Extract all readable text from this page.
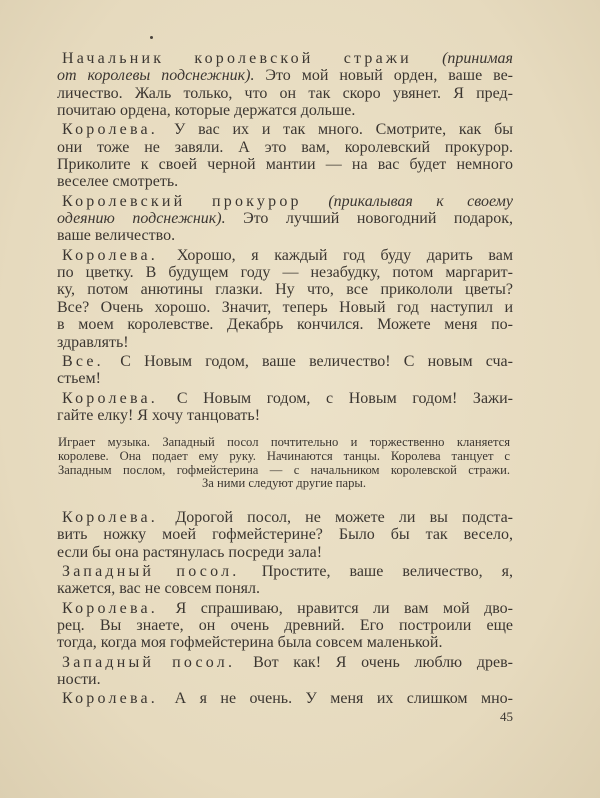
Начальник королевской стражи (принимая
от королевы подснежник). Это мой новый орден, ваше ве-
личество. Жаль только, что он так скоро увянет. Я пред-
почитаю ордена, которые держатся дольше.
Королева. У вас их и так много. Смотрите, как бы
они тоже не завяли. А это вам, королевский прокурор.
Приколите к своей черной мантии — на вас будет немного
веселее смотреть.
Королевский прокурор (прикалывая к своему
одеянию подснежник). Это лучший новогодний подарок,
ваше величество.
Королева. Хорошо, я каждый год буду дарить вам
по цветку. В будущем году — незабудку, потом маргарит-
ку, потом анютины глазки. Ну что, все прикололи цветы?
Все? Очень хорошо. Значит, теперь Новый год наступил и
в моем королевстве. Декабрь кончился. Можете меня по-
здравлять!
Все. С Новым годом, ваше величество! С новым сча-
стьем!
Королева. С Новым годом, с Новым годом! Зажи-
гайте елку! Я хочу танцовать!
Играет музыка. Западный посол почтительно и торжественно кланяется
королеве. Она подает ему руку. Начинаются танцы. Королева танцует с
Западным послом, гофмейстерина — с начальником королевской стражи.
За ними следуют другие пары.
Королева. Дорогой посол, не можете ли вы подста-
вить ножку моей гофмейстерине? Было бы так весело,
если бы она растянулась посреди зала!
Западный посол. Простите, ваше величество, я,
кажется, вас не совсем понял.
Королева. Я спрашиваю, нравится ли вам мой дво-
рец. Вы знаете, он очень древний. Его построили еще
тогда, когда моя гофмейстерина была совсем маленькой.
Западный посол. Вот как! Я очень люблю древ-
ности.
Королева. А я не очень. У меня их слишком мно-
45
